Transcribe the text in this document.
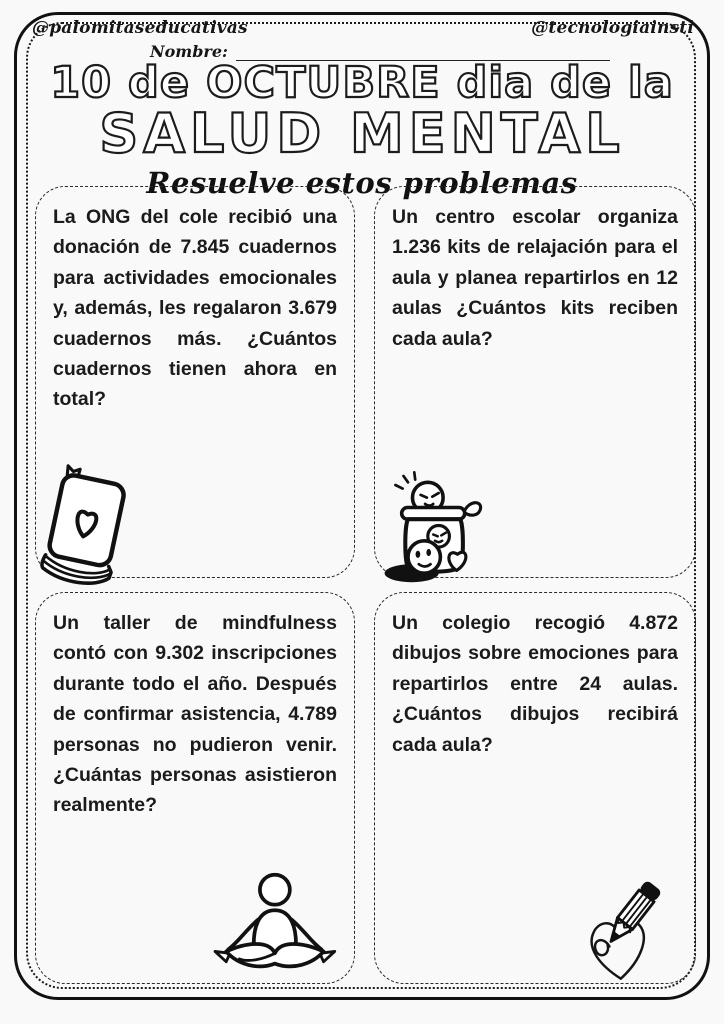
@palomitaseducativas	@tecnologiainsti
Nombre:
10 de OCTUBRE dia de la
SALUD MENTAL
Resuelve estos problemas

La ONG del cole recibió una donación de 7.845 cuadernos para actividades emocionales y, además, les regalaron 3.679 cuadernos más. ¿Cuántos cuadernos tienen ahora en total?

Un centro escolar organiza 1.236 kits de relajación para el aula y planea repartirlos en 12 aulas ¿Cuántos kits reciben cada aula?

Un taller de mindfulness contó con 9.302 inscripciones durante todo el año. Después de confirmar asistencia, 4.789 personas no pudieron venir. ¿Cuántas personas asistieron realmente?

Un colegio recogió 4.872 dibujos sobre emociones para repartirlos entre 24 aulas. ¿Cuántos dibujos recibirá cada aula?
